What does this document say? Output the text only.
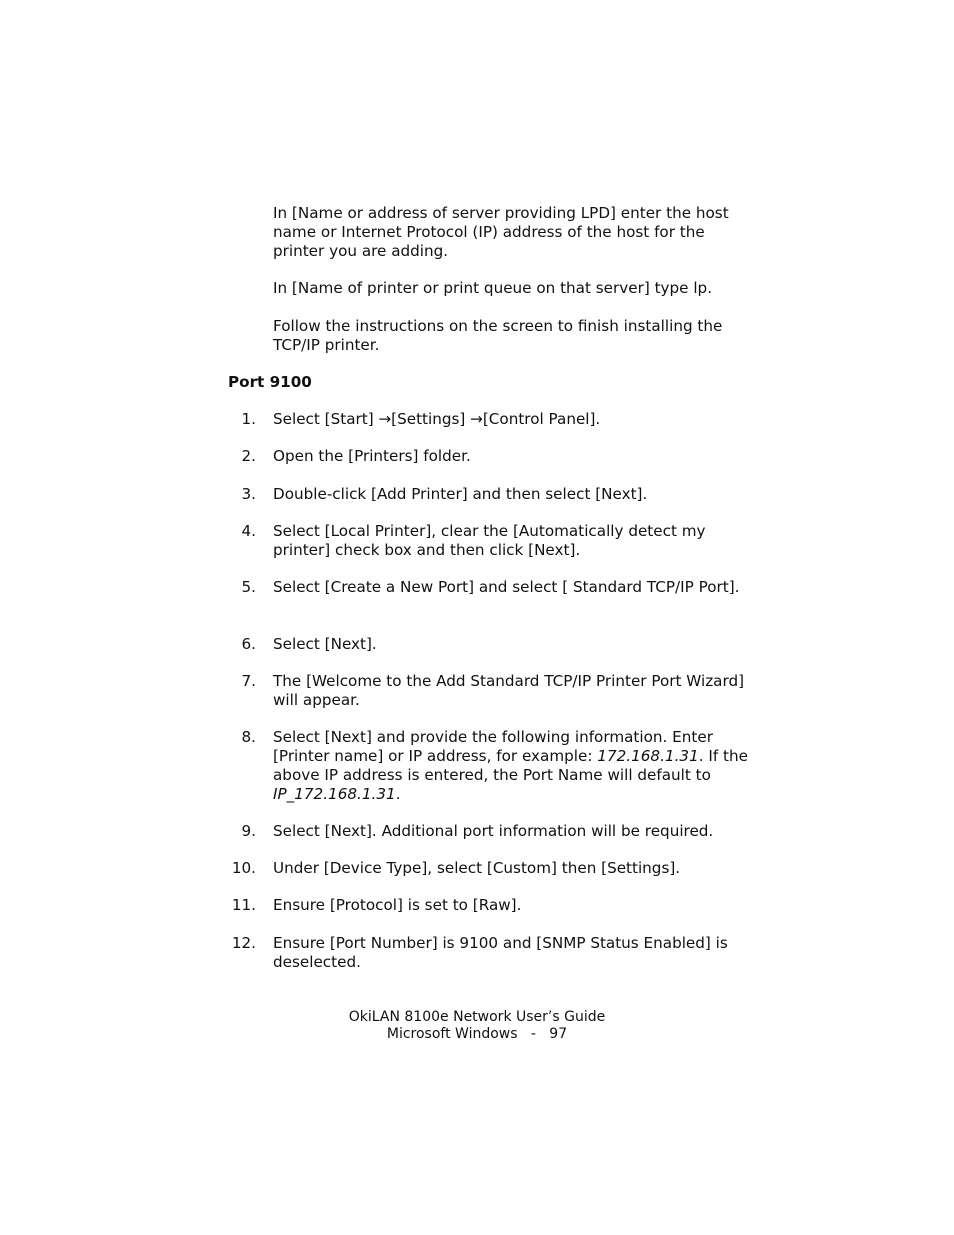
In [Name or address of server providing LPD] enter the host name or Internet Protocol (IP) address of the host for the printer you are adding.

In [Name of printer or print queue on that server] type lp.

Follow the instructions on the screen to finish installing the TCP/IP printer.

Port 9100
1. Select [Start] →[Settings] →[Control Panel].
2. Open the [Printers] folder.
3. Double-click [Add Printer] and then select [Next].
4. Select [Local Printer], clear the [Automatically detect my printer] check box and then click [Next].
5. Select [Create a New Port] and select [ Standard TCP/IP Port].
6. Select [Next].
7. The [Welcome to the Add Standard TCP/IP Printer Port Wizard] will appear.
8. Select [Next] and provide the following information. Enter [Printer name] or IP address, for example: 172.168.1.31. If the above IP address is entered, the Port Name will default to IP_172.168.1.31.
9. Select [Next]. Additional port information will be required.
10. Under [Device Type], select [Custom] then [Settings].
11. Ensure [Protocol] is set to [Raw].
12. Ensure [Port Number] is 9100 and [SNMP Status Enabled] is deselected.
OkiLAN 8100e Network User’s Guide
Microsoft Windows   -   97
